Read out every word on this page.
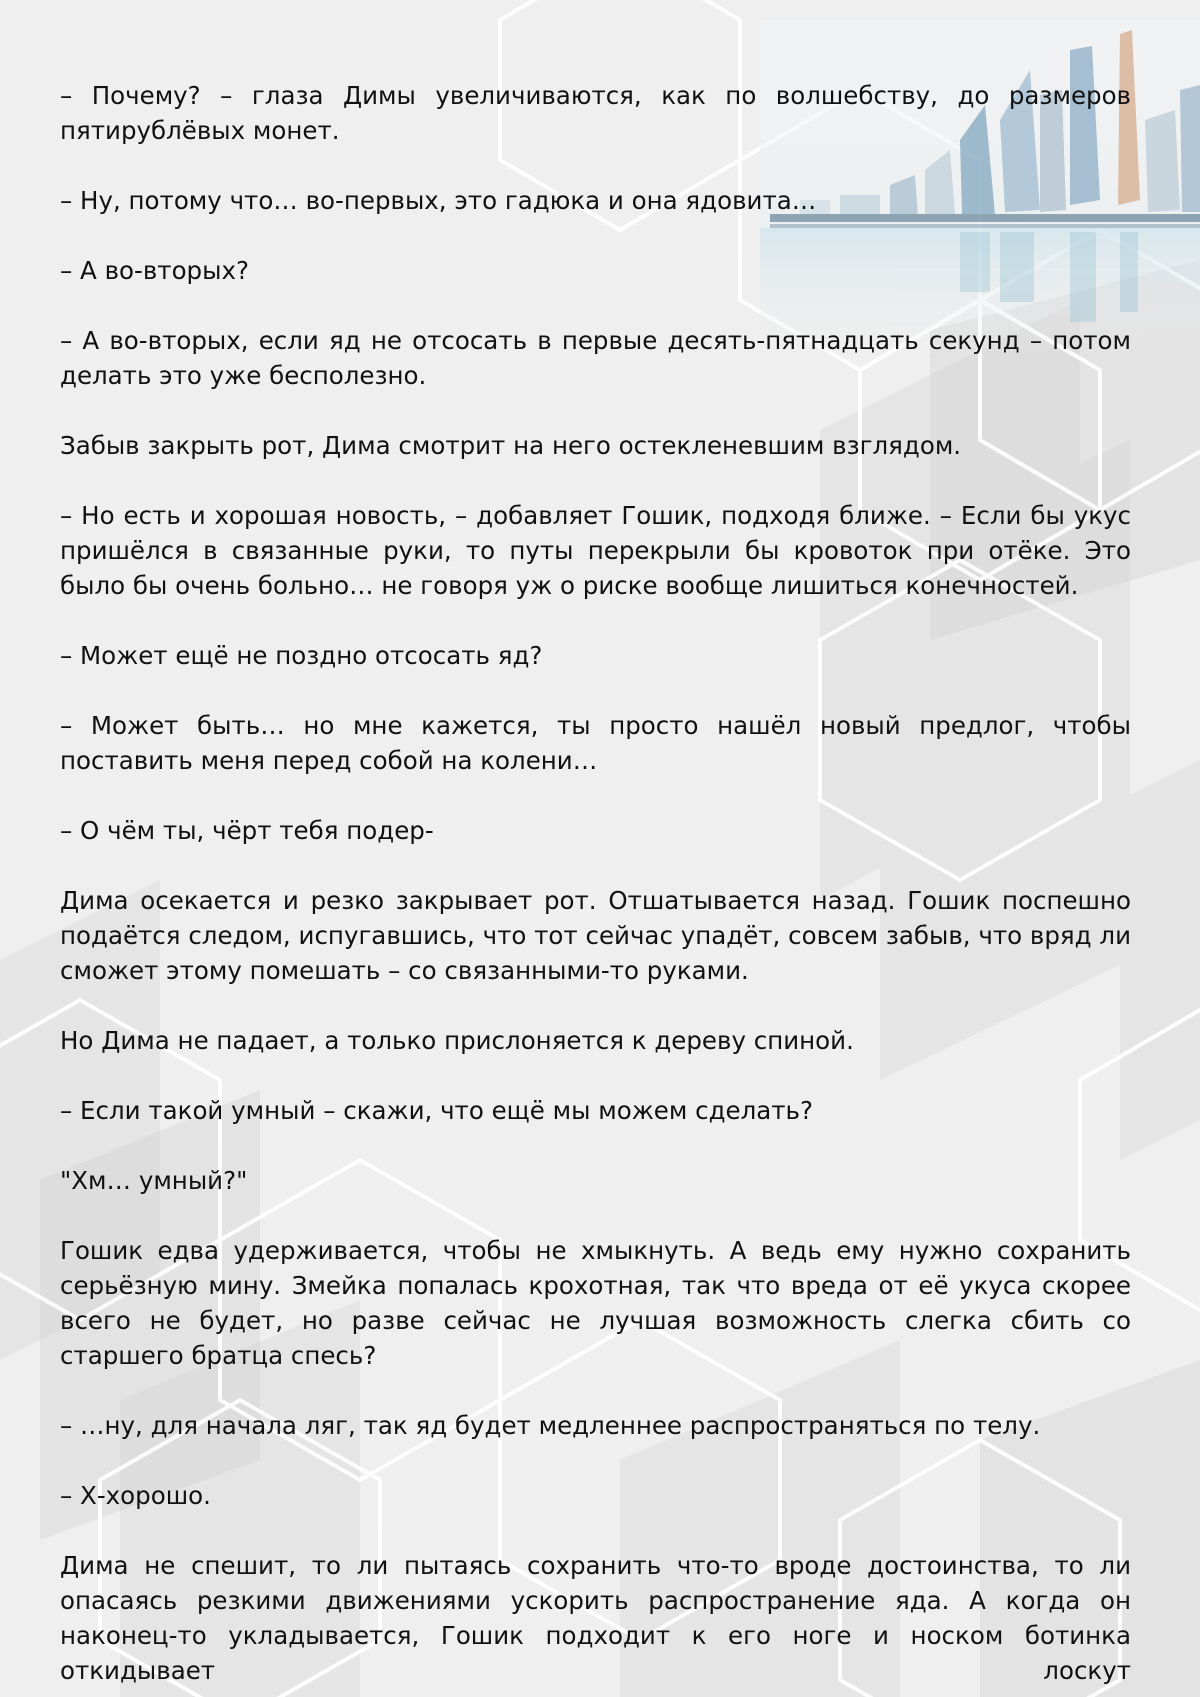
– Почему? – глаза Димы увеличиваются, как по волшебству, до размеров пятирублёвых монет.

– Ну, потому что… во-первых, это гадюка и она ядовита…

– А во-вторых?

– А во-вторых, если яд не отсосать в первые десять-пятнадцать секунд – потом делать это уже бесполезно.

Забыв закрыть рот, Дима смотрит на него остекленевшим взглядом.

– Но есть и хорошая новость, – добавляет Гошик, подходя ближе. – Если бы укус пришёлся в связанные руки, то путы перекрыли бы кровоток при отёке. Это было бы очень больно… не говоря уж о риске вообще лишиться конечностей.

– Может ещё не поздно отсосать яд?

– Может быть… но мне кажется, ты просто нашёл новый предлог, чтобы поставить меня перед собой на колени…

– О чём ты, чёрт тебя подер-

Дима осекается и резко закрывает рот. Отшатывается назад. Гошик поспешно подаётся следом, испугавшись, что тот сейчас упадёт, совсем забыв, что вряд ли сможет этому помешать – со связанными-то руками.

Но Дима не падает, а только прислоняется к дереву спиной.

– Если такой умный – скажи, что ещё мы можем сделать?

"Хм… умный?"

Гошик едва удерживается, чтобы не хмыкнуть. А ведь ему нужно сохранить серьёзную мину. Змейка попалась крохотная, так что вреда от её укуса скорее всего не будет, но разве сейчас не лучшая возможность слегка сбить со старшего братца спесь?

– …ну, для начала ляг, так яд будет медленнее распространяться по телу.

– Х-хорошо.

Дима не спешит, то ли пытаясь сохранить что-то вроде достоинства, то ли опасаясь резкими движениями ускорить распространение яда. А когда он наконец-то укладывается, Гошик подходит к его ноге и носком ботинка откидывает лоскут
